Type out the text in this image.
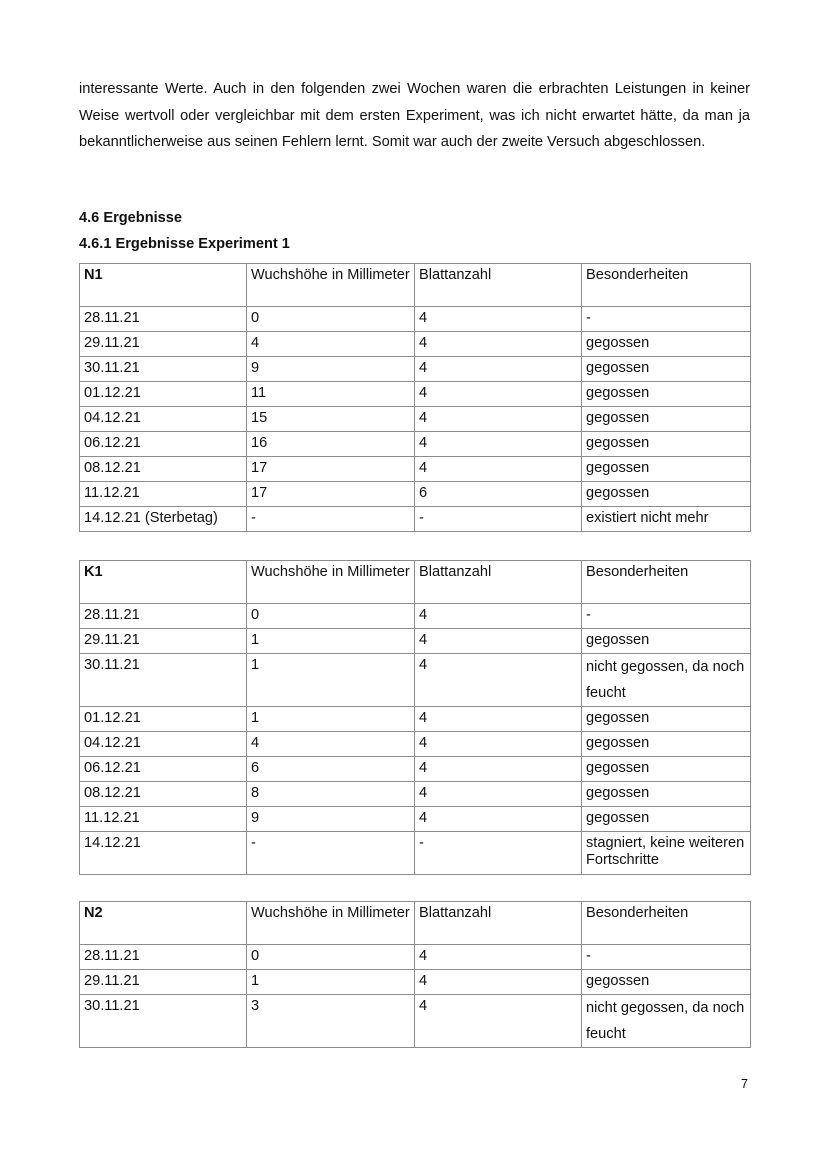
interessante Werte. Auch in den folgenden zwei Wochen waren die erbrachten Leistungen in keiner Weise wertvoll oder vergleichbar mit dem ersten Experiment, was ich nicht erwartet hätte, da man ja bekanntlicherweise aus seinen Fehlern lernt. Somit war auch der zweite Versuch abgeschlossen.

4.6 Ergebnisse
4.6.1 Ergebnisse Experiment 1
N1	Wuchshöhe in Millimeter	Blattanzahl	Besonderheiten
28.11.21	0	4	-
29.11.21	4	4	gegossen
30.11.21	9	4	gegossen
01.12.21	11	4	gegossen
04.12.21	15	4	gegossen
06.12.21	16	4	gegossen
08.12.21	17	4	gegossen
11.12.21	17	6	gegossen
14.12.21 (Sterbetag)	-	-	existiert nicht mehr
K1	Wuchshöhe in Millimeter	Blattanzahl	Besonderheiten
28.11.21	0	4	-
29.11.21	1	4	gegossen
30.11.21	1	4	nicht gegossen, da noch feucht
01.12.21	1	4	gegossen
04.12.21	4	4	gegossen
06.12.21	6	4	gegossen
08.12.21	8	4	gegossen
11.12.21	9	4	gegossen
14.12.21	-	-	stagniert, keine weiteren Fortschritte
N2	Wuchshöhe in Millimeter	Blattanzahl	Besonderheiten
28.11.21	0	4	-
29.11.21	1	4	gegossen
30.11.21	3	4	nicht gegossen, da noch feucht
7
